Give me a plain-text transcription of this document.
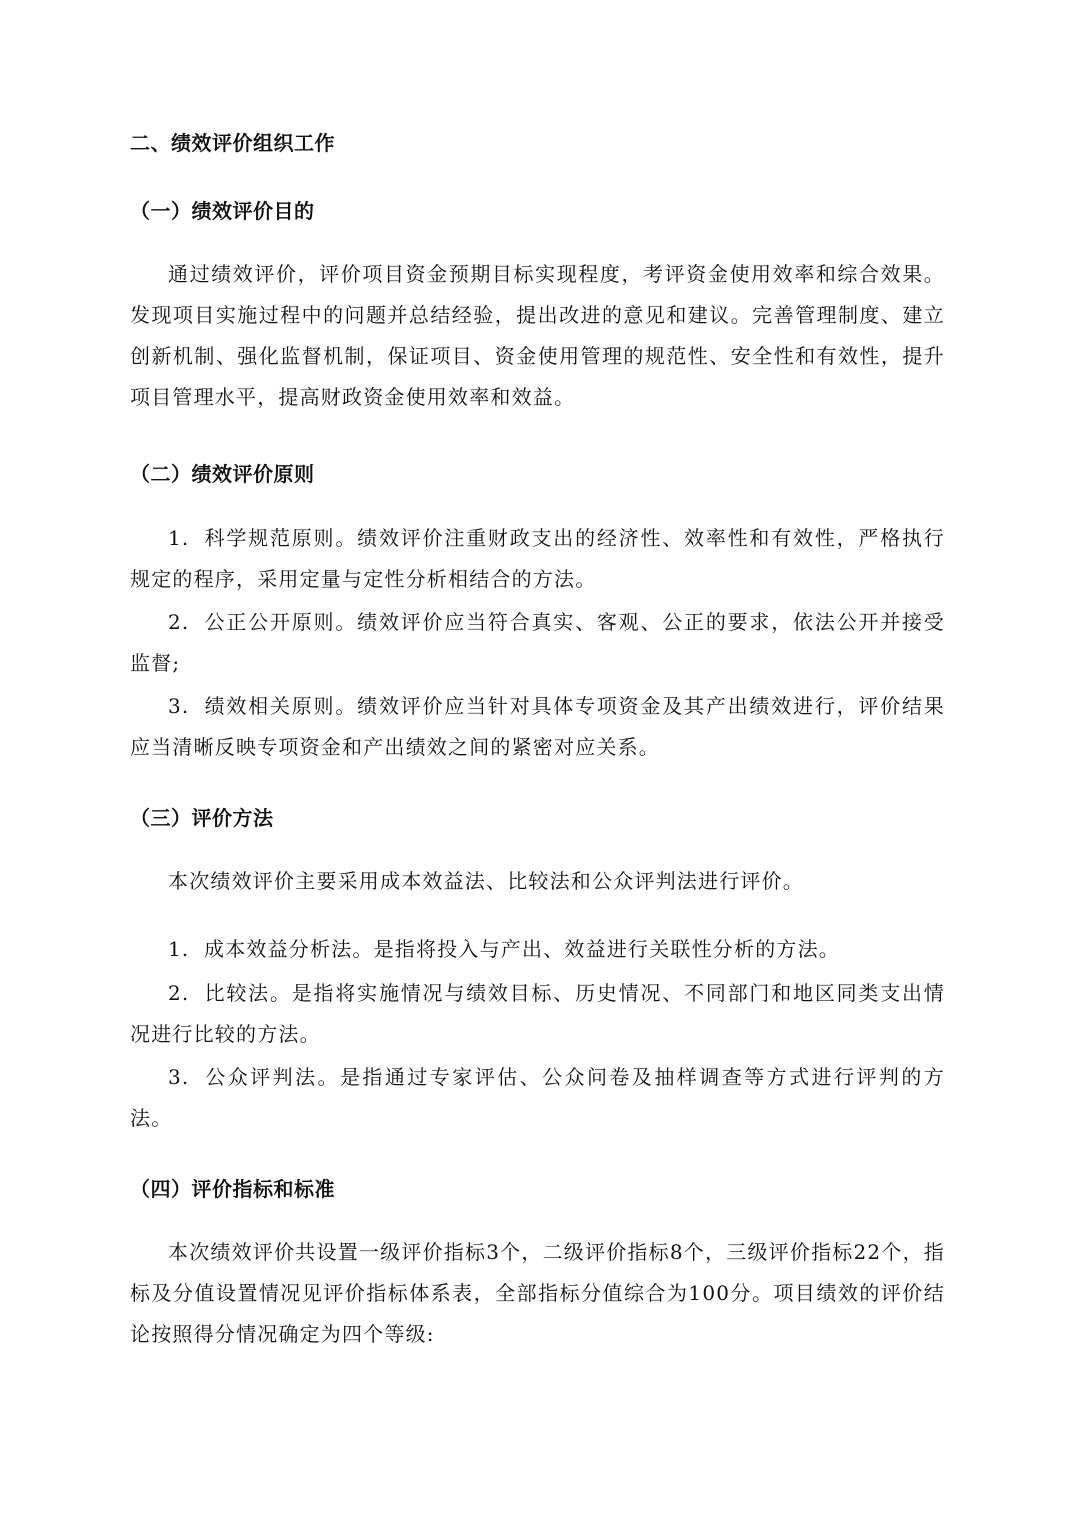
二、绩效评价组织工作
（一）绩效评价目的

通过绩效评价，评价项目资金预期目标实现程度，考评资金使用效率和综合效果。发现项目实施过程中的问题并总结经验，提出改进的意见和建议。完善管理制度、建立创新机制、强化监督机制，保证项目、资金使用管理的规范性、安全性和有效性，提升项目管理水平，提高财政资金使用效率和效益。

（二）绩效评价原则

1. 科学规范原则。绩效评价注重财政支出的经济性、效率性和有效性，严格执行规定的程序，采用定量与定性分析相结合的方法。

2. 公正公开原则。绩效评价应当符合真实、客观、公正的要求，依法公开并接受监督;

3. 绩效相关原则。绩效评价应当针对具体专项资金及其产出绩效进行，评价结果应当清晰反映专项资金和产出绩效之间的紧密对应关系。

（三）评价方法

本次绩效评价主要采用成本效益法、比较法和公众评判法进行评价。

1. 成本效益分析法。是指将投入与产出、效益进行关联性分析的方法。

2. 比较法。是指将实施情况与绩效目标、历史情况、不同部门和地区同类支出情况进行比较的方法。

3. 公众评判法。是指通过专家评估、公众问卷及抽样调查等方式进行评判的方法。

（四）评价指标和标准

本次绩效评价共设置一级评价指标3个，二级评价指标8个，三级评价指标22个，指标及分值设置情况见评价指标体系表，全部指标分值综合为100分。项目绩效的评价结论按照得分情况确定为四个等级:
